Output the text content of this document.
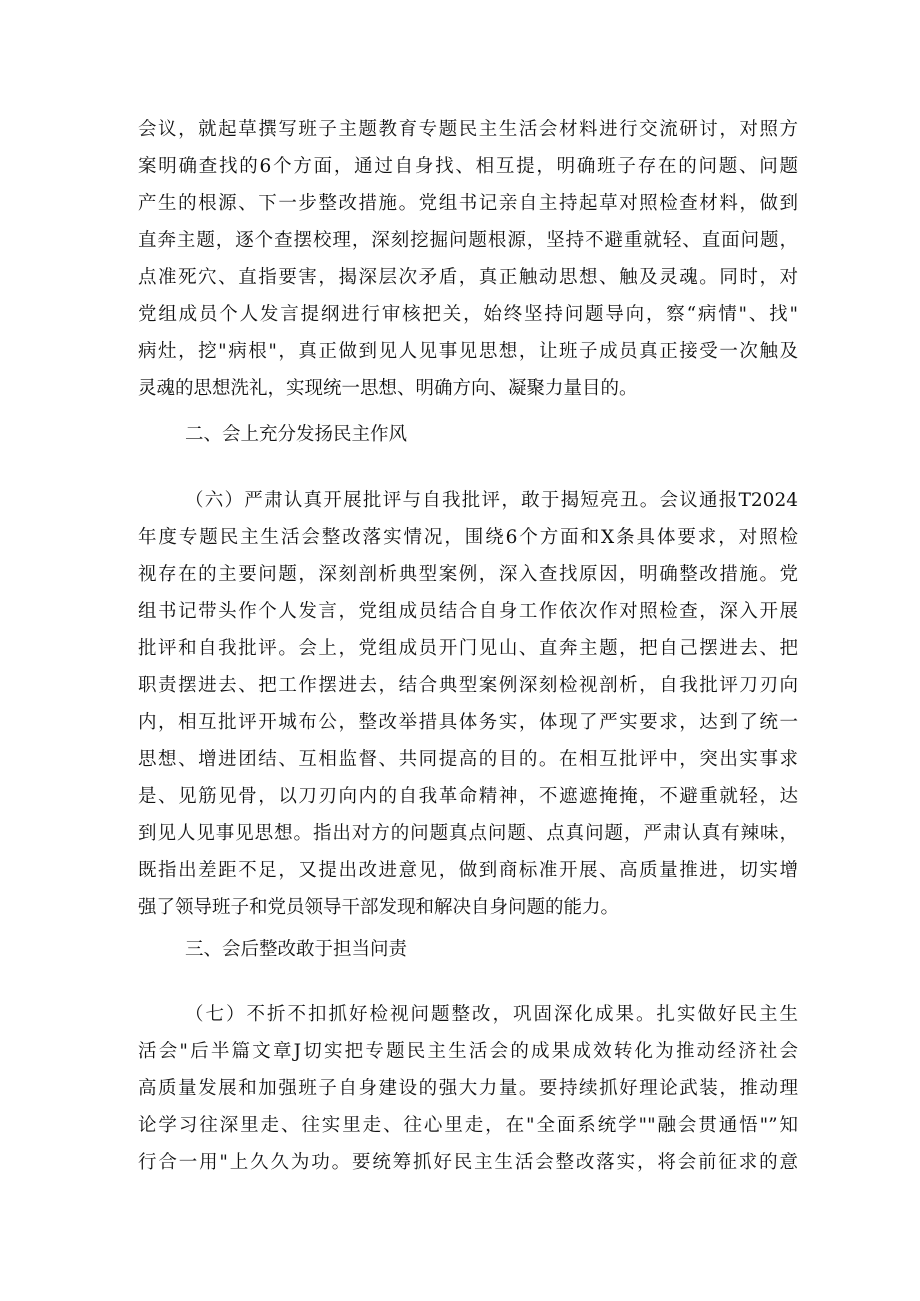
会议，就起草撰写班子主题教育专题民主生活会材料进行交流研讨，对照方
案明确查找的6个方面，通过自身找、相互提，明确班子存在的问题、问题
产生的根源、下一步整改措施。党组书记亲自主持起草对照检查材料，做到
直奔主题，逐个查摆校理，深刻挖掘问题根源，坚持不避重就轻、直面问题，
点准死穴、直指要害，揭深层次矛盾，真正触动思想、触及灵魂。同时，对
党组成员个人发言提纲进行审核把关，始终坚持问题导向，察“病情"、找"
病灶，挖"病根"，真正做到见人见事见思想，让班子成员真正接受一次触及
灵魂的思想洗礼，实现统一思想、明确方向、凝聚力量目的。
二、会上充分发扬民主作风
（六）严肃认真开展批评与自我批评，敢于揭短亮丑。会议通报T2024
年度专题民主生活会整改落实情况，围绕6个方面和X条具体要求，对照检
视存在的主要问题，深刻剖析典型案例，深入查找原因，明确整改措施。党
组书记带头作个人发言，党组成员结合自身工作依次作对照检查，深入开展
批评和自我批评。会上，党组成员开门见山、直奔主题，把自己摆进去、把
职责摆进去、把工作摆进去，结合典型案例深刻检视剖析，自我批评刀刃向
内，相互批评开城布公，整改举措具体务实，体现了严实要求，达到了统一
思想、增进团结、互相监督、共同提高的目的。在相互批评中，突出实事求
是、见筋见骨，以刀刃向内的自我革命精神，不遮遮掩掩，不避重就轻，达
到见人见事见思想。指出对方的问题真点问题、点真问题，严肃认真有辣味，
既指出差距不足，又提出改进意见，做到商标准开展、高质量推进，切实增
强了领导班子和党员领导干部发现和解决自身问题的能力。
三、会后整改敢于担当问责
（七）不折不扣抓好检视问题整改，巩固深化成果。扎实做好民主生
活会"后半篇文章J切实把专题民主生活会的成果成效转化为推动经济社会
高质量发展和加强班子自身建设的强大力量。要持续抓好理论武装，推动理
论学习往深里走、往实里走、往心里走，在"全面系统学""融会贯通悟"”知
行合一用"上久久为功。要统筹抓好民主生活会整改落实，将会前征求的意
